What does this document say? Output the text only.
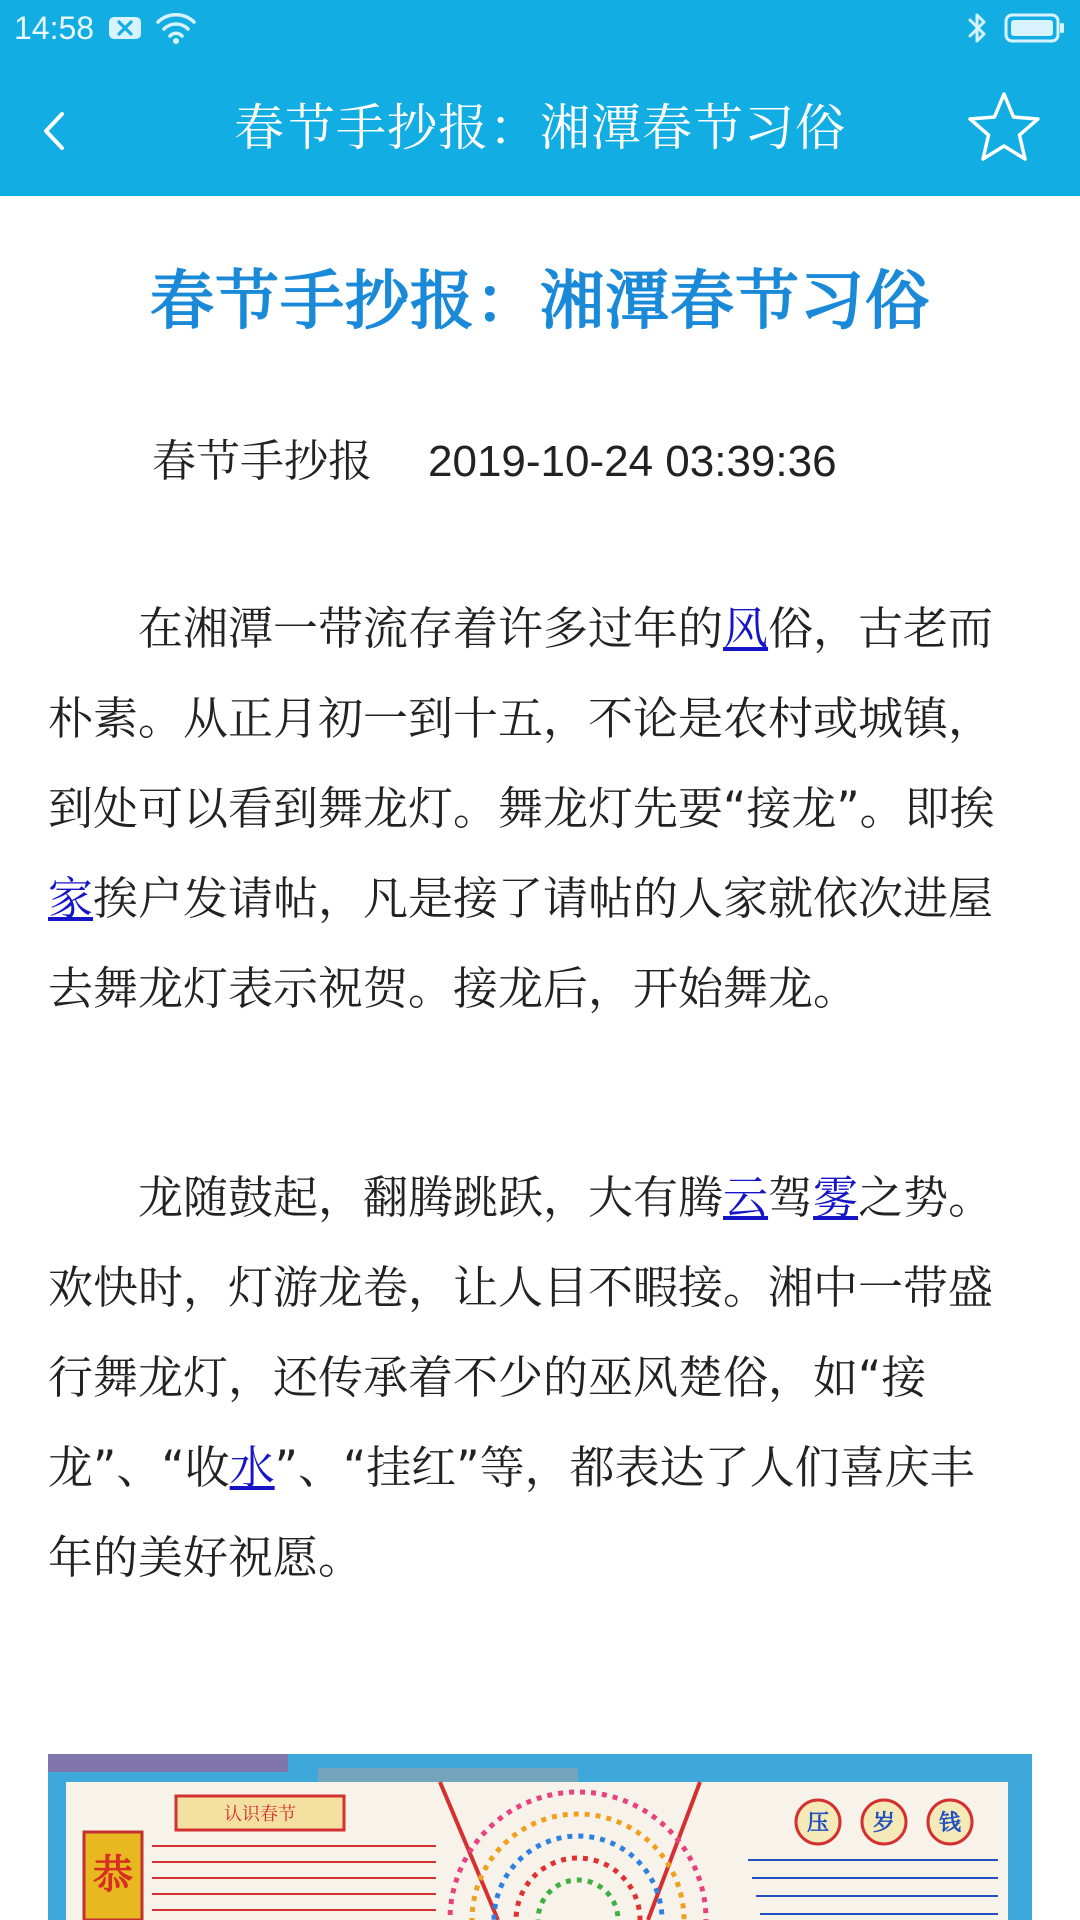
14:58
春节手抄报：湘潭春节习俗
春节手抄报：湘潭春节习俗
春节手抄报 2019-10-24 03:39:36

在湘潭一带流存着许多过年的风俗，古老而朴素。从正月初一到十五，不论是农村或城镇，到处可以看到舞龙灯。舞龙灯先要“接龙”。即挨家挨户发请帖，凡是接了请帖的人家就依次进屋去舞龙灯表示祝贺。接龙后，开始舞龙。

龙随鼓起，翻腾跳跃，大有腾云驾雾之势。欢快时，灯游龙卷，让人目不暇接。湘中一带盛行舞龙灯，还传承着不少的巫风楚俗，如“接龙”、“收水”、“挂红”等，都表达了人们喜庆丰年的美好祝愿。

认识春节
恭
压 岁 钱
